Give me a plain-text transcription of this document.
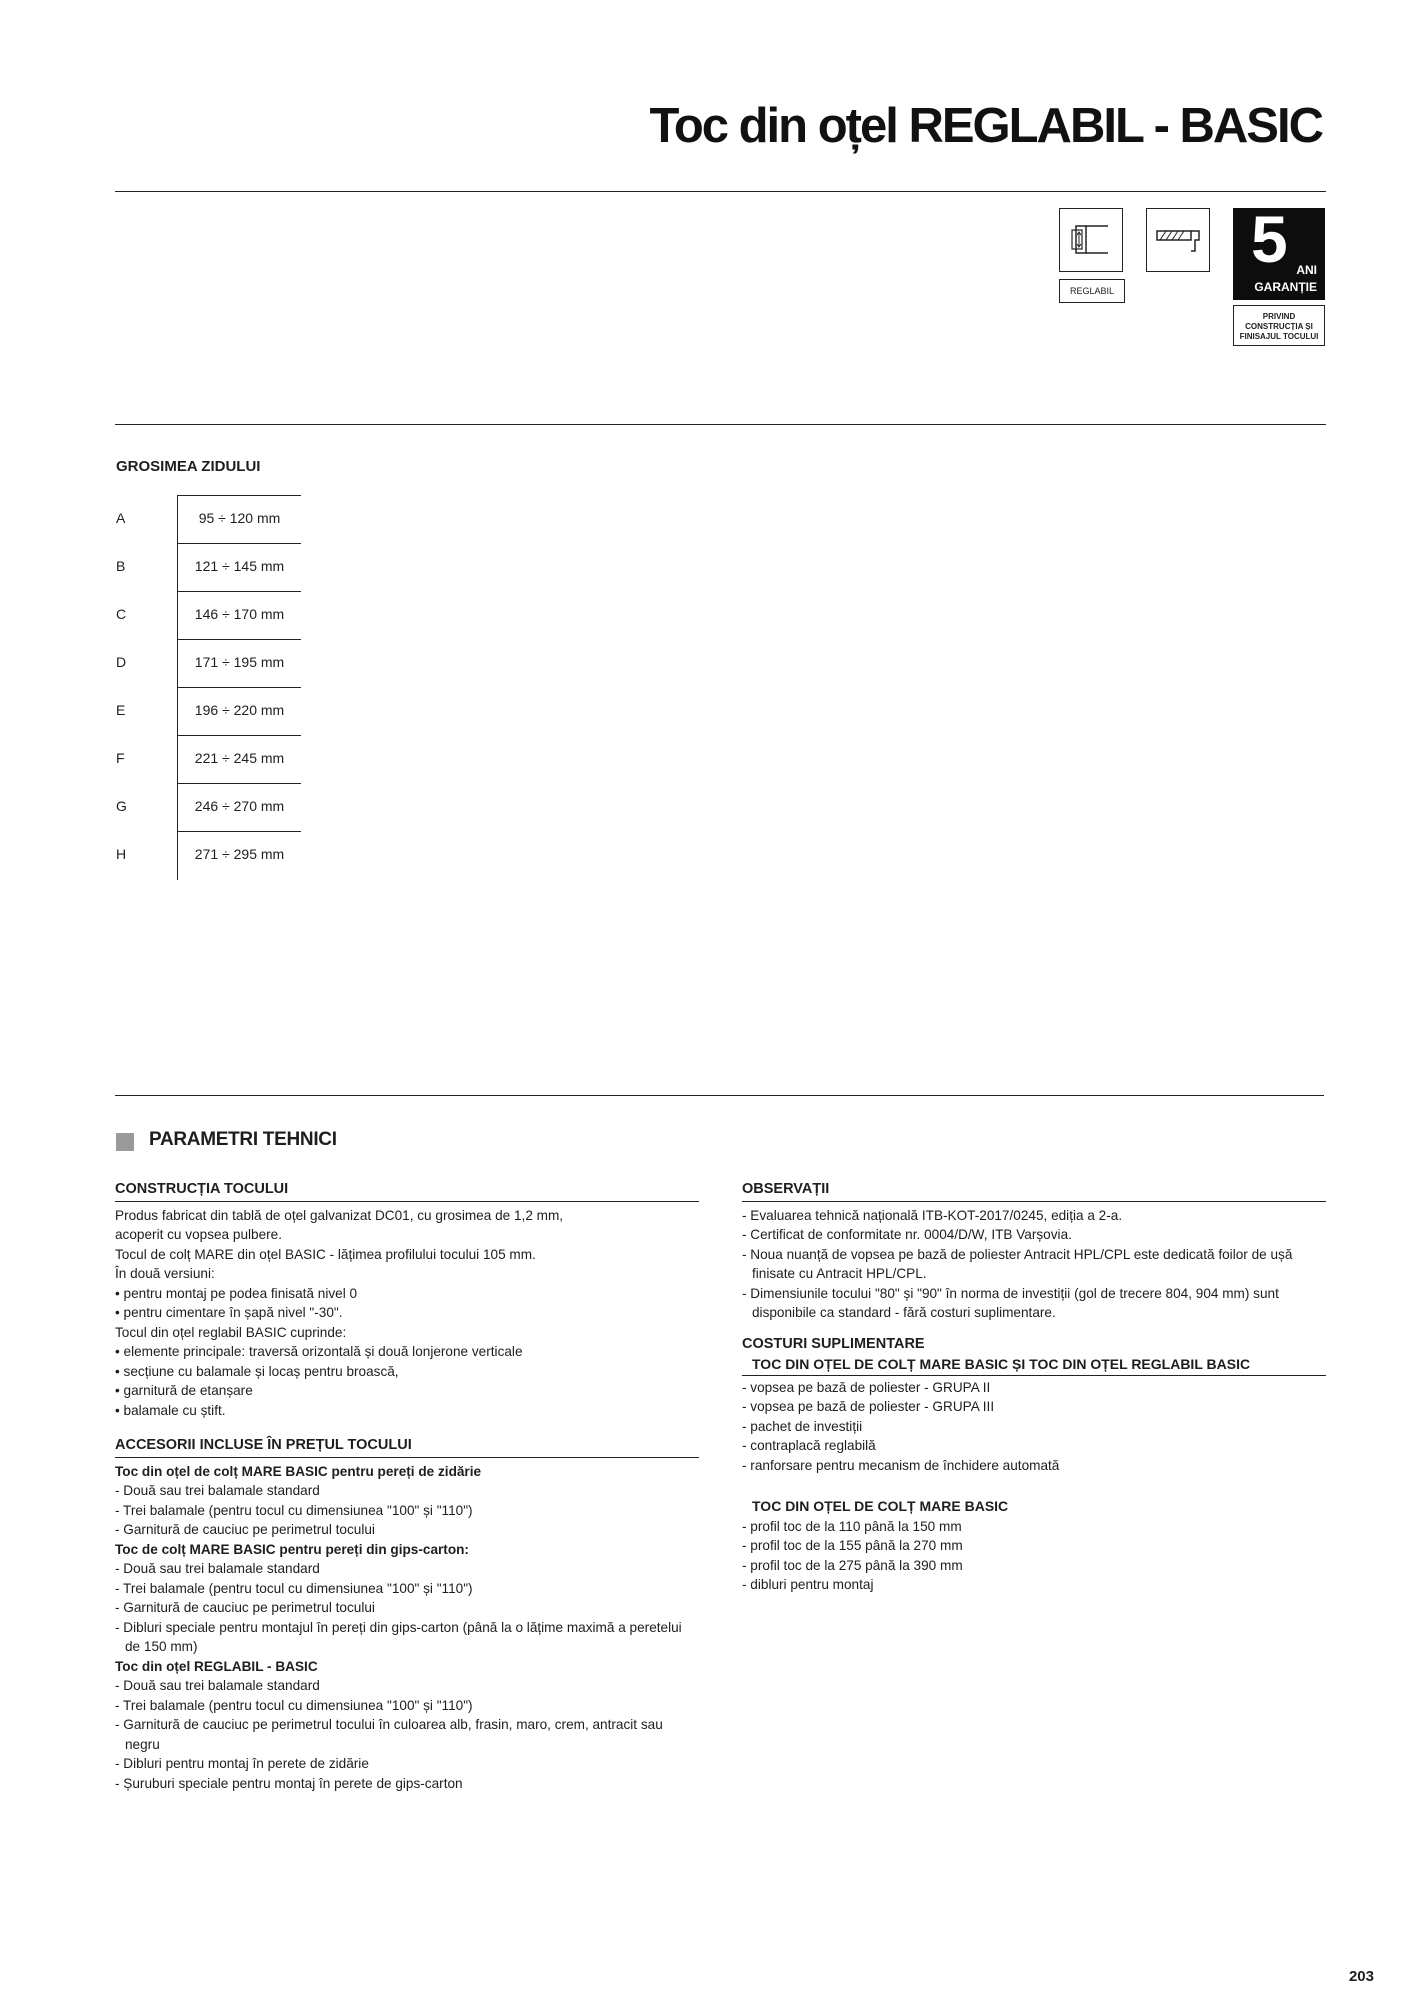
Toc din oțel REGLABIL - BASIC
REGLABIL
5 ANI
GARANȚIE
PRIVIND
CONSTRUCȚIA ȘI
FINISAJUL TOCULUI
GROSIMEA ZIDULUI
A	95 ÷ 120 mm
B	121 ÷ 145 mm
C	146 ÷ 170 mm
D	171 ÷ 195 mm
E	196 ÷ 220 mm
F	221 ÷ 245 mm
G	246 ÷ 270 mm
H	271 ÷ 295 mm
PARAMETRI TEHNICI
CONSTRUCȚIA TOCULUI

Produs fabricat din tablă de oțel galvanizat DC01, cu grosimea de 1,2 mm,

acoperit cu vopsea pulbere.

Tocul de colț MARE din oțel BASIC - lățimea profilului tocului 105 mm.

În două versiuni:

• pentru montaj pe podea finisată nivel 0

• pentru cimentare în șapă nivel "-30".

Tocul din oțel reglabil BASIC cuprinde:

• elemente principale: traversă orizontală și două lonjerone verticale

• secțiune cu balamale și locaș pentru broască,

• garnitură de etanșare

• balamale cu știft.

ACCESORII INCLUSE ÎN PREȚUL TOCULUI

Toc din oțel de colț MARE BASIC pentru pereți de zidărie

- Două sau trei balamale standard

- Trei balamale (pentru tocul cu dimensiunea "100" și "110")

- Garnitură de cauciuc pe perimetrul tocului

Toc de colț MARE BASIC pentru pereți din gips-carton:

- Două sau trei balamale standard

- Trei balamale (pentru tocul cu dimensiunea "100" și "110")

- Garnitură de cauciuc pe perimetrul tocului

- Dibluri speciale pentru montajul în pereți din gips-carton (până la o lățime maximă a peretelui de 150 mm)

Toc din oțel REGLABIL - BASIC

- Două sau trei balamale standard

- Trei balamale (pentru tocul cu dimensiunea "100" și "110")

- Garnitură de cauciuc pe perimetrul tocului în culoarea alb, frasin, maro, crem, antracit sau negru

- Dibluri pentru montaj în perete de zidărie

- Șuruburi speciale pentru montaj în perete de gips-carton

OBSERVAȚII

- Evaluarea tehnică națională ITB-KOT-2017/0245, ediția a 2-a.

- Certificat de conformitate nr. 0004/D/W, ITB Varșovia.

- Noua nuanță de vopsea pe bază de poliester Antracit HPL/CPL este dedicată foilor de ușă finisate cu Antracit HPL/CPL.

- Dimensiunile tocului "80" și "90" în norma de investiții (gol de trecere 804, 904 mm) sunt disponibile ca standard - fără costuri suplimentare.

COSTURI SUPLIMENTARE
TOC DIN OȚEL DE COLȚ MARE BASIC ȘI TOC DIN OȚEL REGLABIL BASIC

- vopsea pe bază de poliester - GRUPA II

- vopsea pe bază de poliester - GRUPA III

- pachet de investiții

- contraplacă reglabilă

- ranforsare pentru mecanism de închidere automată

TOC DIN OȚEL DE COLȚ MARE BASIC

- profil toc de la 110 până la 150 mm

- profil toc de la 155 până la 270 mm

- profil toc de la 275 până la 390 mm

- dibluri pentru montaj

203
